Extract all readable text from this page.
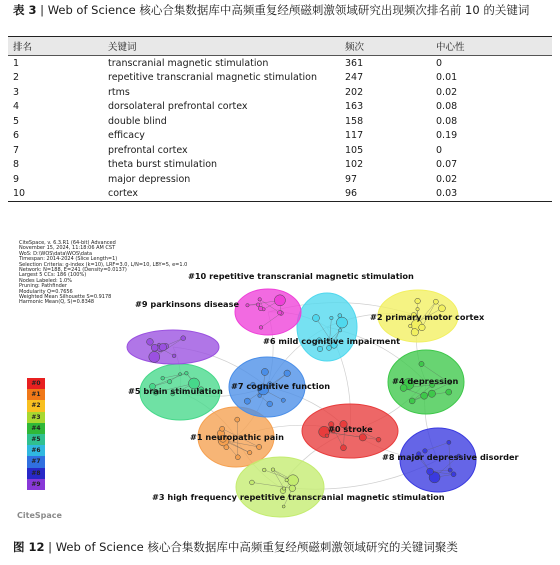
表 3 | Web of Science 核心合集数据库中高频重复经颅磁刺激领域研究出现频次排名前 10 的关键词
排名	关键词	频次	中心性
1	transcranial magnetic stimulation	361	0
2	repetitive transcranial magnetic stimulation	247	0.01
3	rtms	202	0.02
4	dorsolateral prefrontal cortex	163	0.08
5	double blind	158	0.08
6	efficacy	117	0.19
7	prefrontal cortex	105	0
8	theta burst stimulation	102	0.07
9	major depression	97	0.02
10	cortex	96	0.03
#0 stroke
#1 neuropathic pain
#2 primary motor cortex
#3 high frequency repetitive transcranial magnetic stimulation
#4 depression
#5 brain stimulation
#6 mild cognitive impairment
#7 cognitive function
#8 major depressive disorder
#9 parkinsons disease
#10 repetitive transcranial magnetic stimulation
CiteSpace, v. 6.3.R1 (64-bit) Advanced
November 15, 2024, 11:18:06 AM CST
WoS: D:\WOS\data\WOS\data
Timespan: 2014-2024 (Slice Length=1)
Selection Criteria: g-index (k=10), LRF=3.0, L/N=10, LBY=5, e=1.0
Network: N=188, E=241 (Density=0.0137)
Largest 5 CCs: 186 (100%)
Nodes Labeled: 1.0%
Pruning: Pathfinder
Modularity Q=0.7656
Weighted Mean Silhouette S=0.9178
Harmonic Mean(Q, S)=0.8348
#0
#1
#2
#3
#4
#5
#6
#7
#8
#9
CiteSpace
图 12 | Web of Science 核心合集数据库中高频重复经颅磁刺激领域研究的关键词聚类
